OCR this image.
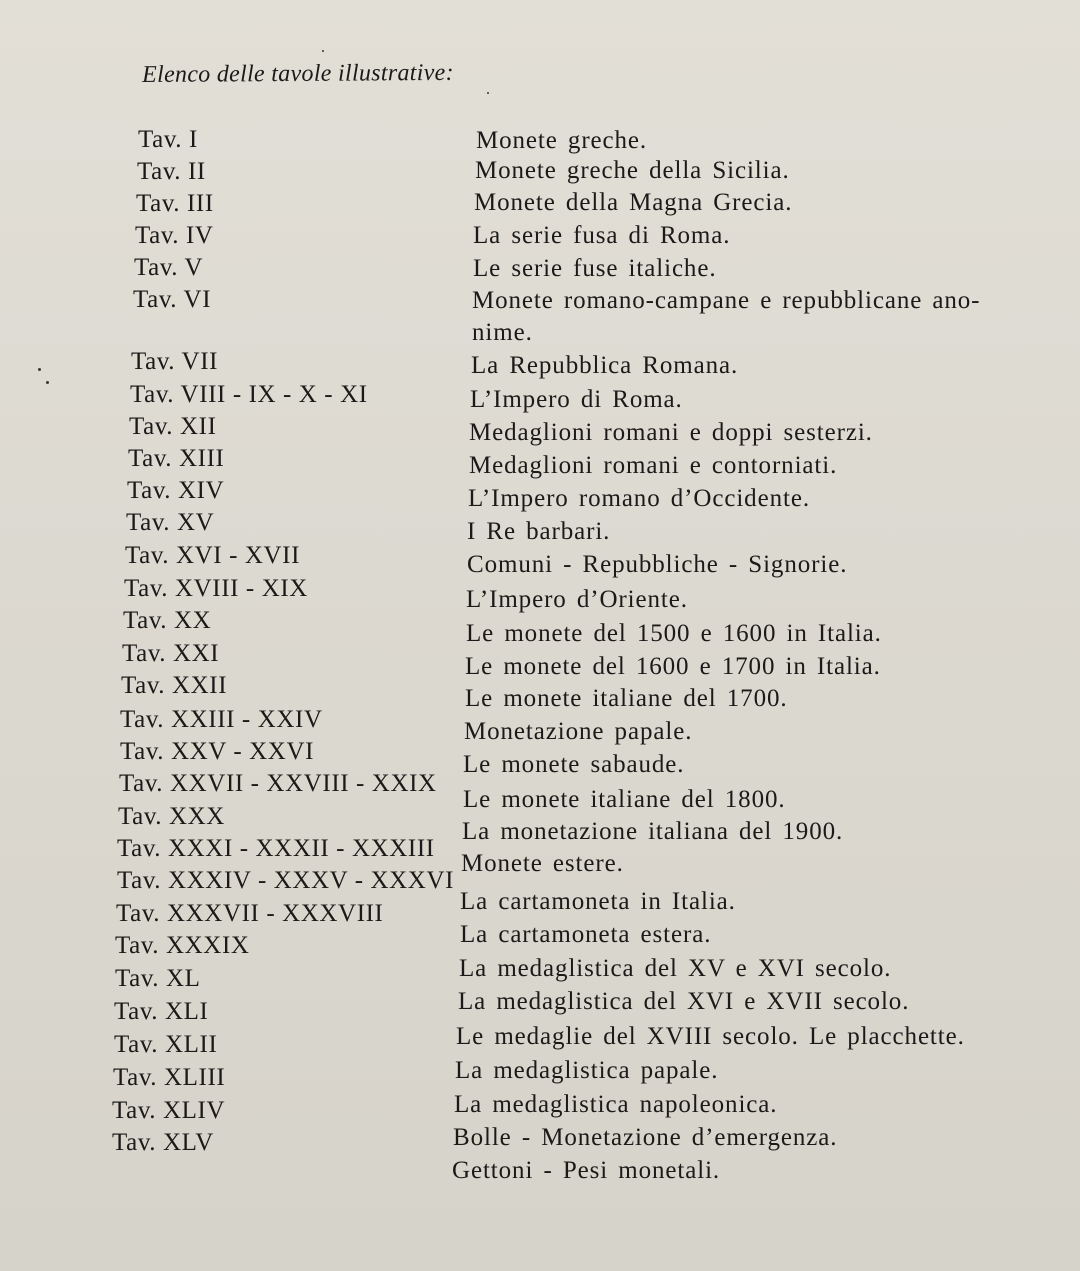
Elenco delle tavole illustrative:
Tav. I
Tav. II
Tav. III
Tav. IV
Tav. V
Tav. VI
Tav. VII
Tav. VIII - IX - X - XI
Tav. XII
Tav. XIII
Tav. XIV
Tav. XV
Tav. XVI - XVII
Tav. XVIII - XIX
Tav. XX
Tav. XXI
Tav. XXII
Tav. XXIII - XXIV
Tav. XXV - XXVI
Tav. XXVII - XXVIII - XXIX
Tav. XXX
Tav. XXXI - XXXII - XXXIII
Tav. XXXIV - XXXV - XXXVI
Tav. XXXVII - XXXVIII
Tav. XXXIX
Tav. XL
Tav. XLI
Tav. XLII
Tav. XLIII
Tav. XLIV
Tav. XLV
Monete greche.
Monete greche della Sicilia.
Monete della Magna Grecia.
La serie fusa di Roma.
Le serie fuse italiche.
Monete romano-campane e repubblicane ano-
nime.
La Repubblica Romana.
L’Impero di Roma.
Medaglioni romani e doppi sesterzi.
Medaglioni romani e contorniati.
L’Impero romano d’Occidente.
I Re barbari.
Comuni - Repubbliche - Signorie.
L’Impero d’Oriente.
Le monete del 1500 e 1600 in Italia.
Le monete del 1600 e 1700 in Italia.
Le monete italiane del 1700.
Monetazione papale.
Le monete sabaude.
Le monete italiane del 1800.
La monetazione italiana del 1900.
Monete estere.
La cartamoneta in Italia.
La cartamoneta estera.
La medaglistica del XV e XVI secolo.
La medaglistica del XVI e XVII secolo.
Le medaglie del XVIII secolo. Le placchette.
La medaglistica papale.
La medaglistica napoleonica.
Bolle - Monetazione d’emergenza.
Gettoni - Pesi monetali.
